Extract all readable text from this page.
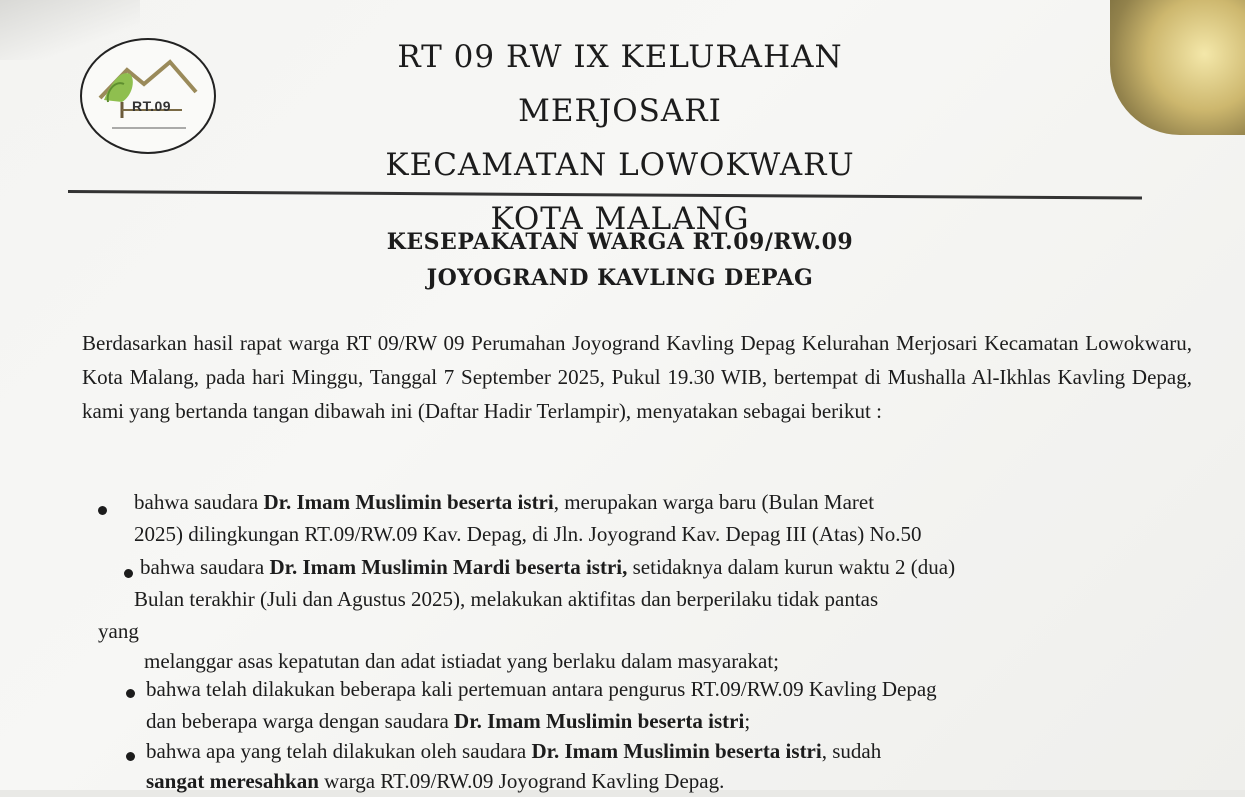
RT.09
RT 09 RW IX KELURAHAN MERJOSARI
KECAMATAN LOWOKWARU
KOTA MALANG
KESEPAKATAN WARGA RT.09/RW.09
JOYOGRAND KAVLING DEPAG
Berdasarkan hasil rapat warga RT 09/RW 09 Perumahan Joyogrand Kavling Depag Kelurahan Merjosari Kecamatan Lowokwaru, Kota Malang, pada hari Minggu, Tanggal 7 September 2025, Pukul 19.30 WIB, bertempat di Mushalla Al-Ikhlas Kavling Depag, kami yang bertanda tangan dibawah ini (Daftar Hadir Terlampir), menyatakan sebagai berikut :
bahwa saudara Dr. Imam Muslimin beserta istri, merupakan warga baru (Bulan Maret
2025) dilingkungan RT.09/RW.09 Kav. Depag, di Jln. Joyogrand Kav. Depag III (Atas) No.50
bahwa saudara Dr. Imam Muslimin Mardi beserta istri, setidaknya dalam kurun waktu 2 (dua)
Bulan terakhir (Juli dan Agustus 2025), melakukan aktifitas dan berperilaku tidak pantas
yang
melanggar asas kepatutan dan adat istiadat yang berlaku dalam masyarakat;
bahwa telah dilakukan beberapa kali pertemuan antara pengurus RT.09/RW.09 Kavling Depag
dan beberapa warga dengan saudara Dr. Imam Muslimin beserta istri;
bahwa apa yang telah dilakukan oleh saudara Dr. Imam Muslimin beserta istri, sudah
sangat meresahkan warga RT.09/RW.09 Joyogrand Kavling Depag.
